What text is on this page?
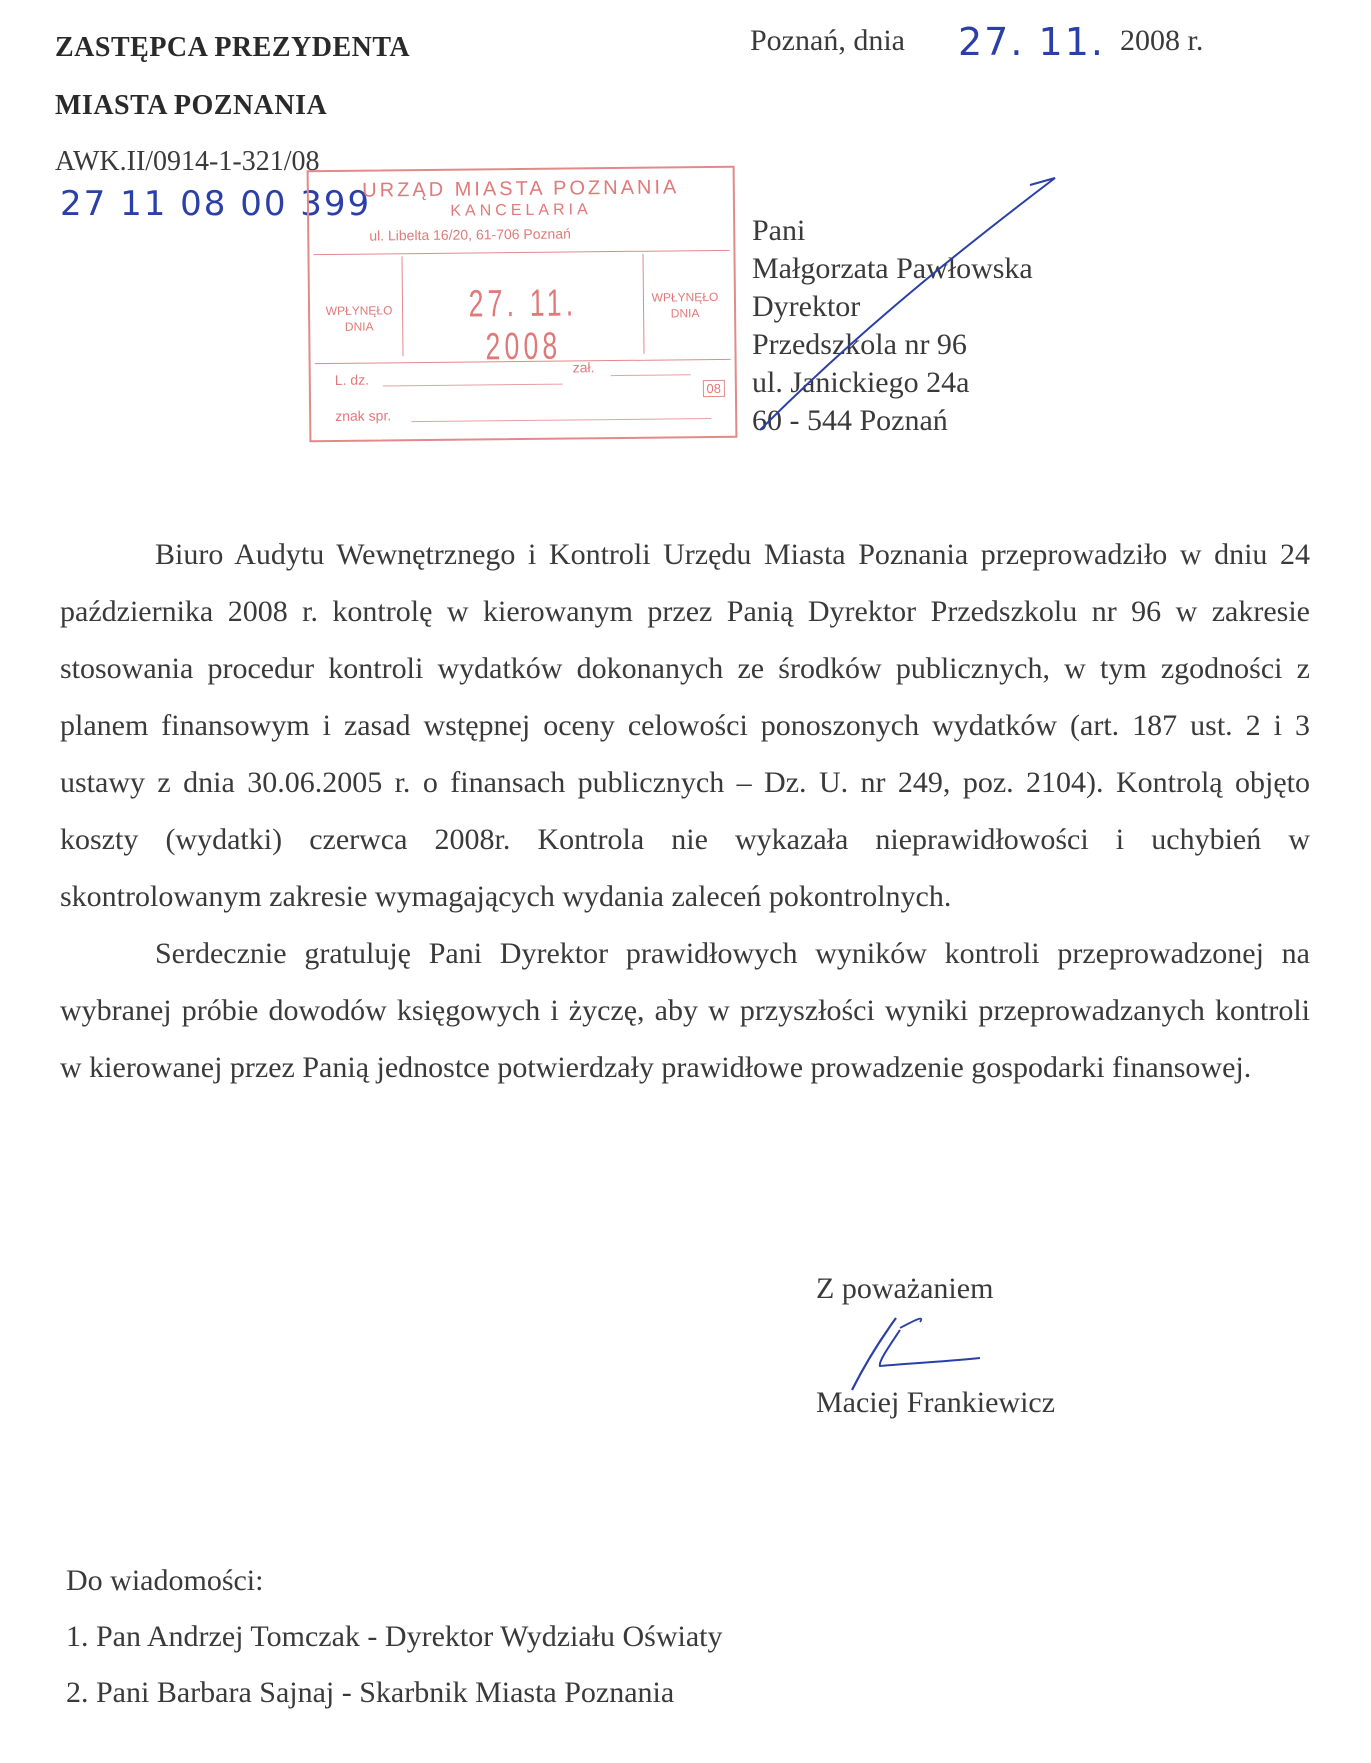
ZASTĘPCA PREZYDENTA
MIASTA POZNANIA
AWK.II/0914-1-321/08
27 11 08 00 399
Poznań, dnia 27. 11. 2008 r.
URZĄD MIASTA POZNANIA
KANCELARIA
ul. Libelta 16/20, 61-706 Poznań
WPŁYNĘŁO DNIA
27. 11. 2008
WPŁYNĘŁO DNIA
L. dz.
zał.
08
znak spr.
Pani
Małgorzata Pawłowska
Dyrektor
Przedszkola nr 96
ul. Janickiego 24a
60 - 544 Poznań

Biuro Audytu Wewnętrznego i Kontroli Urzędu Miasta Poznania przeprowadziło w dniu 24 października 2008 r. kontrolę w kierowanym przez Panią Dyrektor Przedszkolu nr 96 w zakresie stosowania procedur kontroli wydatków dokonanych ze środków publicznych, w tym zgodności z planem finansowym i zasad wstępnej oceny celowości ponoszonych wydatków (art. 187 ust. 2 i 3 ustawy z dnia 30.06.2005 r. o finansach publicznych – Dz. U. nr 249, poz. 2104). Kontrolą objęto koszty (wydatki) czerwca 2008r. Kontrola nie wykazała nieprawidłowości i uchybień w skontrolowanym zakresie wymagających wydania zaleceń pokontrolnych.

Serdecznie gratuluję Pani Dyrektor prawidłowych wyników kontroli przeprowadzonej na wybranej próbie dowodów księgowych i życzę, aby w przyszłości wyniki przeprowadzanych kontroli w kierowanej przez Panią jednostce potwierdzały prawidłowe prowadzenie gospodarki finansowej.

Z poważaniem
Maciej Frankiewicz
Do wiadomości:
1. Pan Andrzej Tomczak - Dyrektor Wydziału Oświaty
2. Pani Barbara Sajnaj - Skarbnik Miasta Poznania
